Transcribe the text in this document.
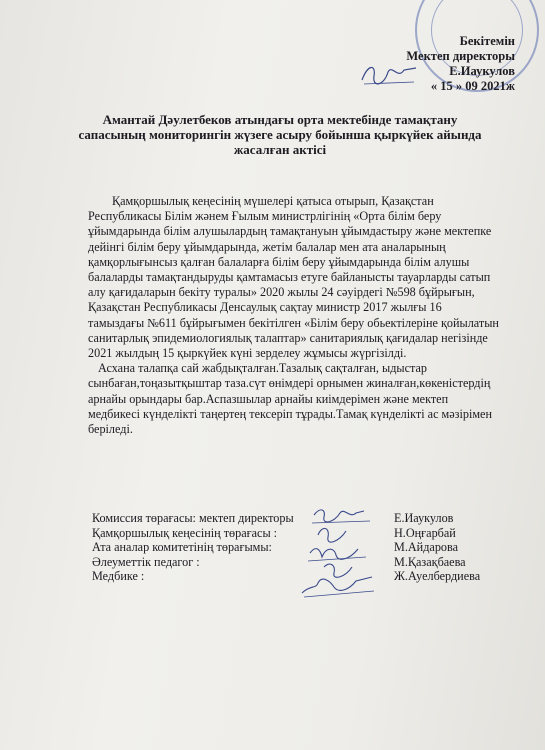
Бекітемін
Мектеп директоры
Е.Иаукулов
« 15 » 09 2021ж
Амантай Дәулетбеков атындағы орта мектебінде тамақтану
сапасының мониторингін жүзеге асыру бойынша қыркүйек айында
жасалған актісі

Қамқоршылық кеңесінің мүшелері қатыса отырып, Қазақстан Республикасы Білім жәнем Ғылым министрлігінің «Орта білім беру ұйымдарында білім алушылардың тамақтануын ұйымдастыру және мектепке дейінгі білім беру ұйымдарында, жетім балалар мен ата аналарының қамқорлығынсыз қалған балаларға білім беру ұйымдарында білім алушы балаларды тамақтандыруды қамтамасыз етуге байланысты тауарларды сатып алу қағидаларын бекіту туралы» 2020 жылы 24 сәуірдегі №598 бұйрығын, Қазақстан Республикасы Денсаулық сақтау министр 2017 жылғы 16 тамыздағы №611 бұйрығымен бекітілген «Білім беру обьектілеріне қойылатын санитарлық эпидемиологиялық талаптар» санитариялық қағидалар негізінде 2021 жылдың 15 қыркүйек күні зерделеу жұмысы жүргізілді.

Асхана талапқа сай жабдықталған.Тазалық сақталған, ыдыстар сынбаған,тоңазытқыштар таза.сүт өнімдері орнымен жиналған,көкеністердің арнайы орындары бар.Аспазшылар арнайы киімдерімен және мектеп медбикесі күнделікті таңертең тексеріп тұрады.Тамақ күнделікті ас мәзірімен беріледі.

Комиссия төрағасы: мектеп директоры	Е.Иаукулов
Қамқоршылық кеңесінің төрағасы :	Н.Оңғарбай
Ата аналар комитетінің төрағымы:	М.Айдарова
Әлеуметтік педагог :	М.Қазақбаева
Медбике :	Ж.Ауелбердиева
